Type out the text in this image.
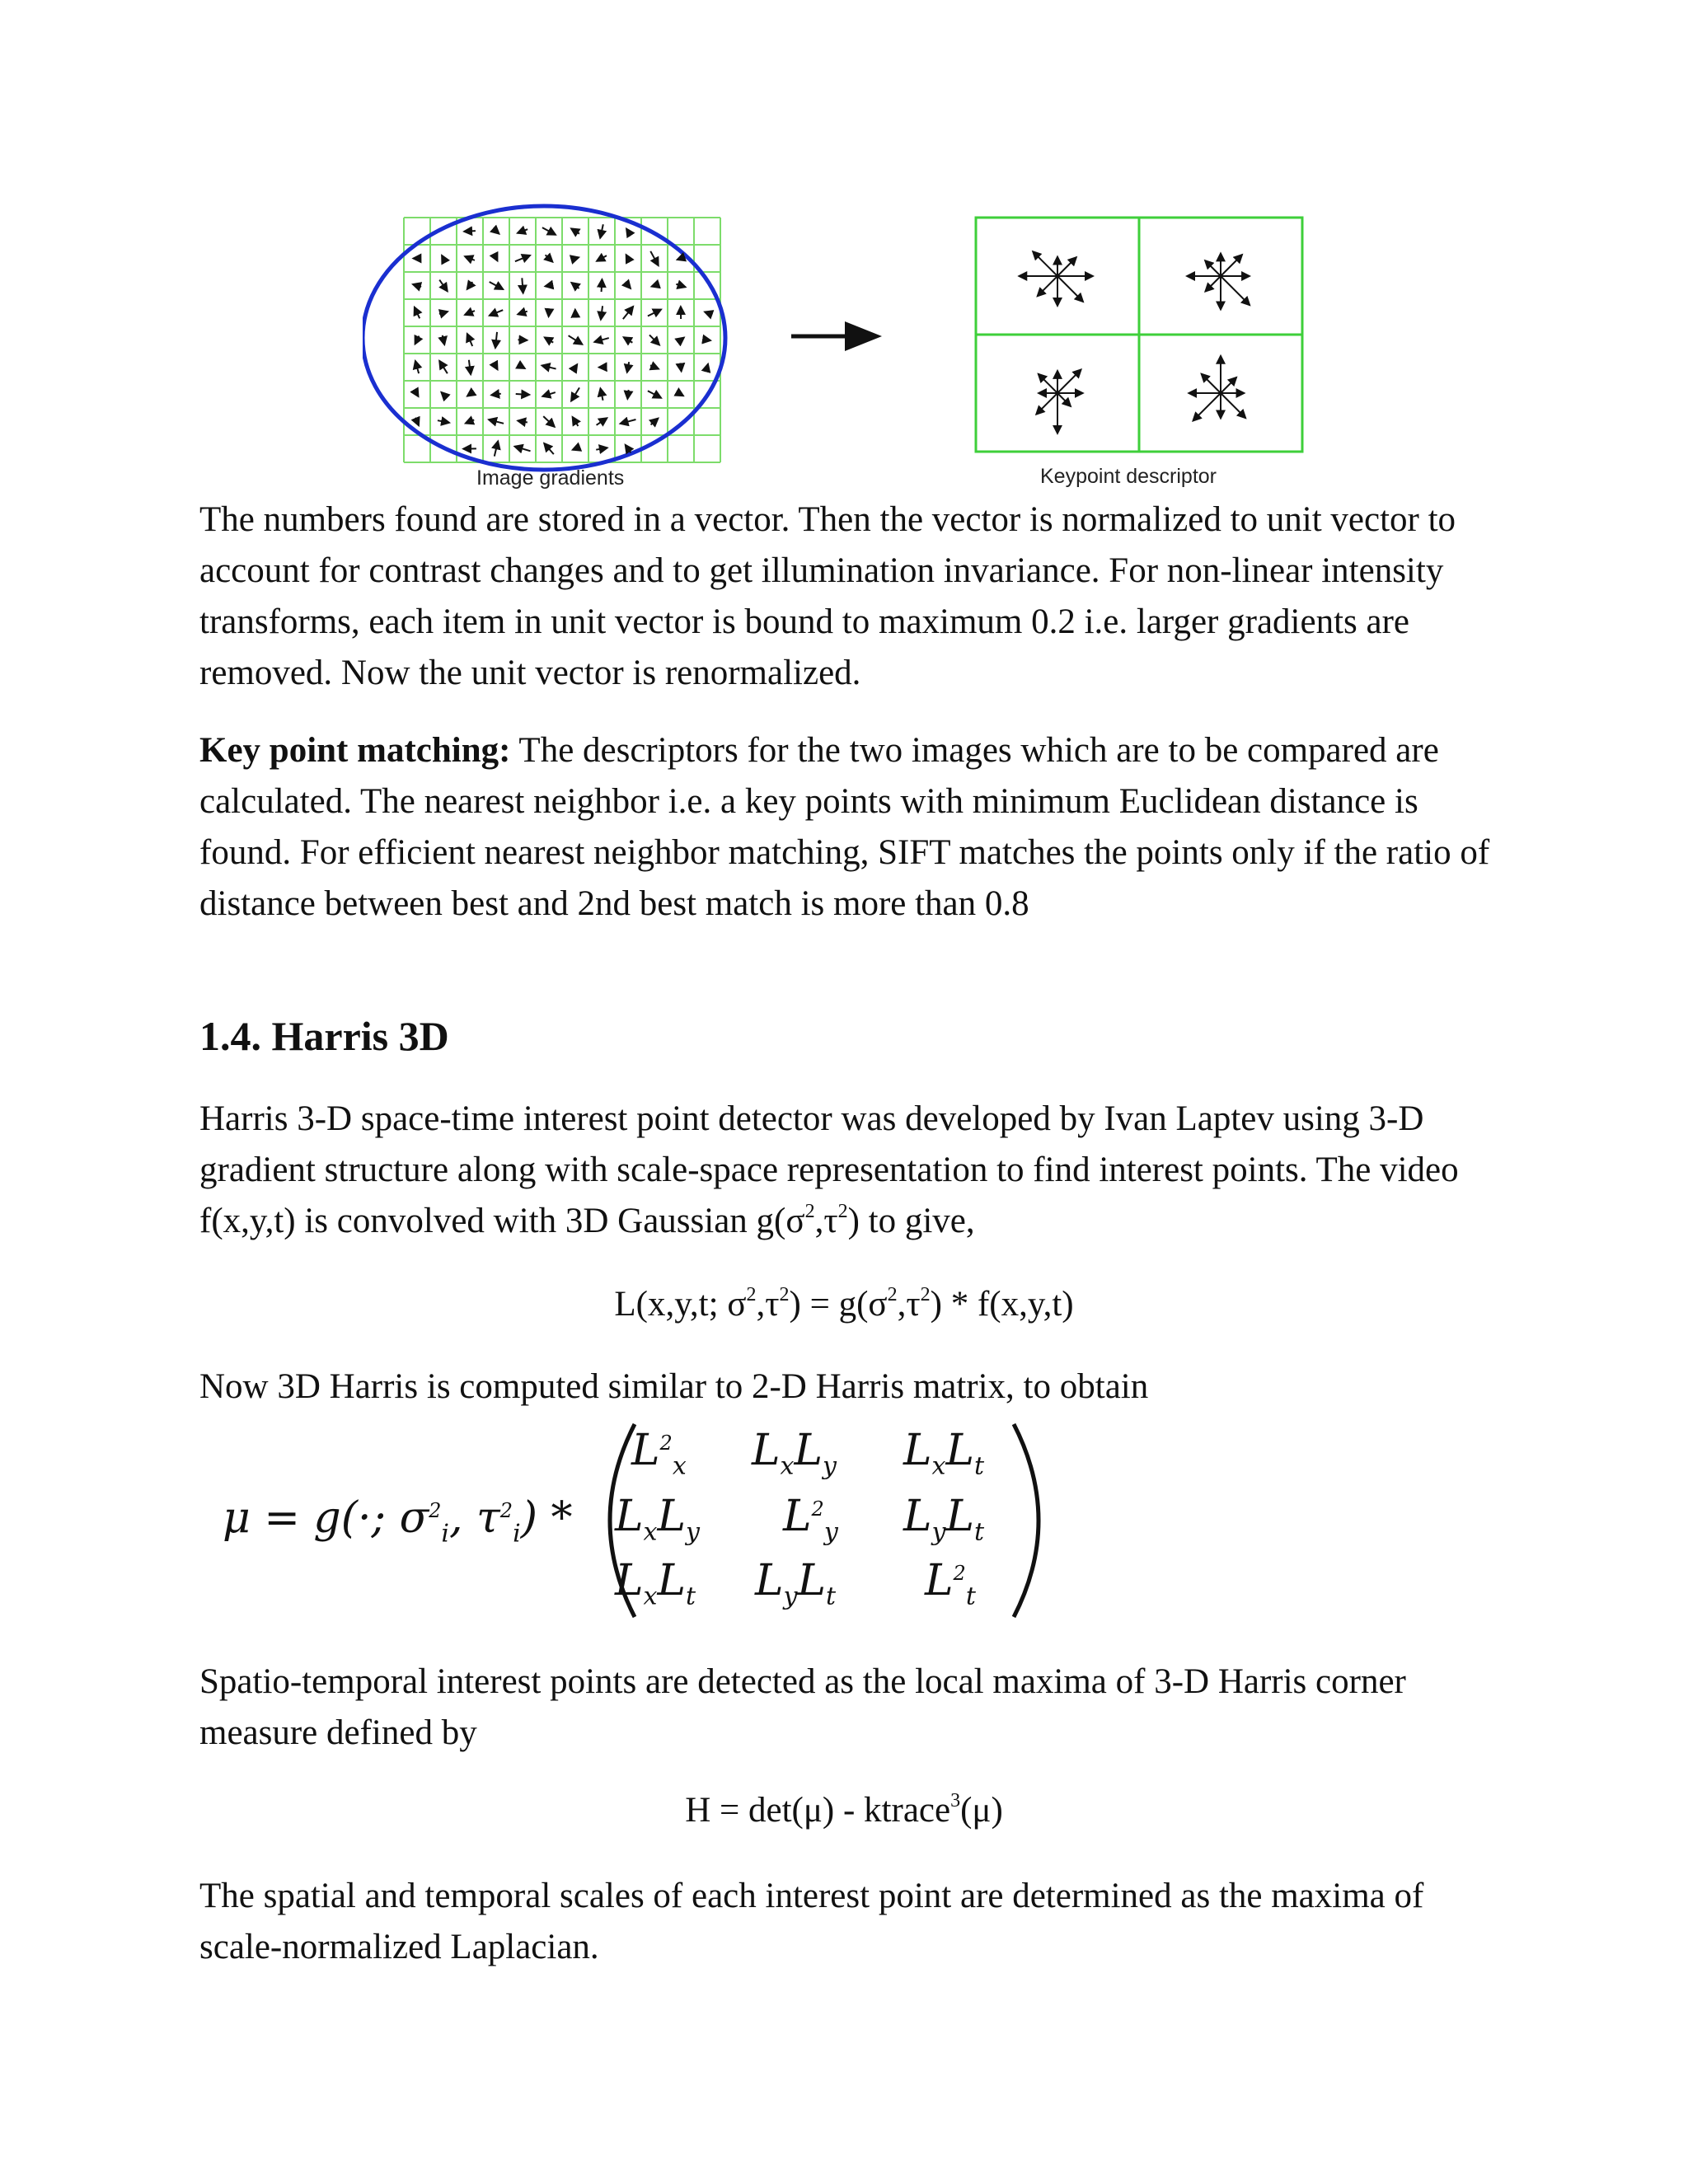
Image gradients	Keypoint descriptor

The numbers found are stored in a vector. Then the vector is normalized to unit vector to account for contrast changes and to get illumination invariance. For non-linear intensity transforms, each item in unit vector is bound to maximum 0.2 i.e. larger gradients are removed. Now the unit vector is renormalized.

Key point matching: The descriptors for the two images which are to be compared are calculated. The nearest neighbor i.e. a key points with minimum Euclidean distance is found. For efficient nearest neighbor matching, SIFT matches the points only if the ratio of distance between best and 2nd best match is more than 0.8

1.4. Harris 3D

Harris 3-D space-time interest point detector was developed by Ivan Laptev using 3-D gradient structure along with scale-space representation to find interest points. The video f(x,y,t) is convolved with 3D Gaussian $g(\sigma^2,\tau^2)$ to give,

L(x,y,t; $\sigma^2,\tau^2) = g(\sigma^2,\tau^2) * f(x,y,t)$

Now 3D Harris is computed similar to 2-D Harris matrix, to obtain

μ = g(·; $\sigma^2_i$, $\tau^2_i$) *
$L^2_x$ $L_xL_y$ $L_xL_t$
$L_xL_y$ $L^2_y$ $L_yL_t$
$L_xL_t$ $L_yL_t$ $L^2_t$

Spatio-temporal interest points are detected as the local maxima of 3-D Harris corner measure defined by

H = det(μ) - ktrace$^3$(μ)

The spatial and temporal scales of each interest point are determined as the maxima of scale-normalized Laplacian.
